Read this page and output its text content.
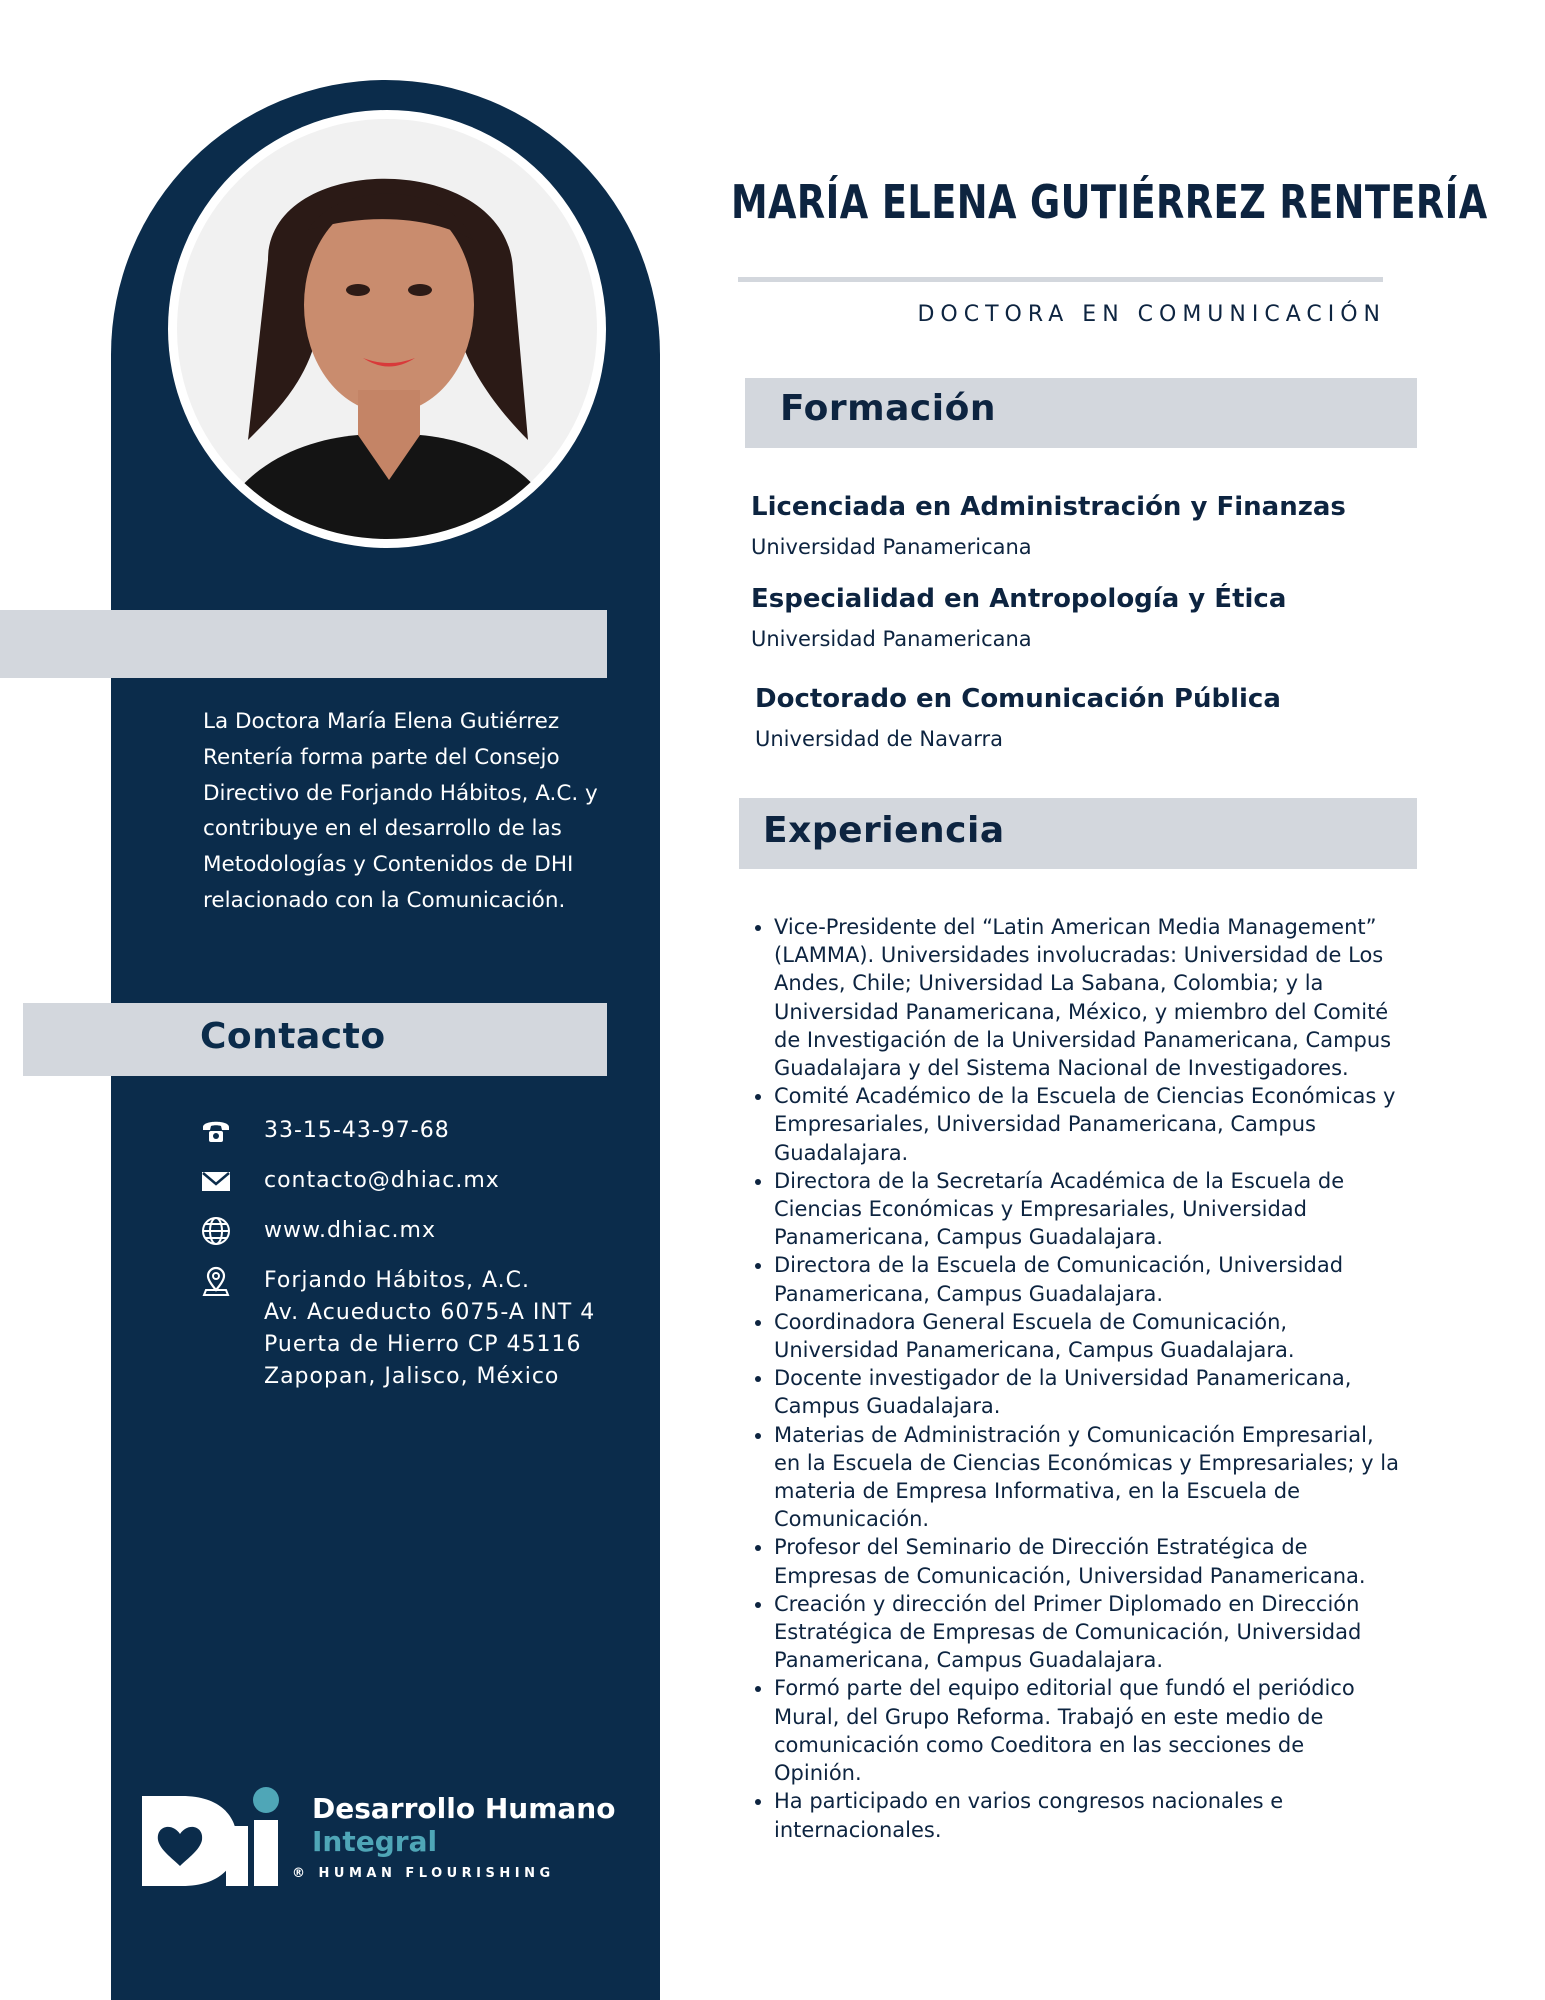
La Doctora María Elena Gutiérrez
Rentería forma parte del Consejo
Directivo de Forjando Hábitos, A.C. y
contribuye en el desarrollo de las
Metodologías y Contenidos de DHI
relacionado con la Comunicación.

Contacto
33-15-43-97-68
contacto@dhiac.mx
www.dhiac.mx
Forjando Hábitos, A.C.
Av. Acueducto 6075-A INT 4
Puerta de Hierro CP 45116
Zapopan, Jalisco, México
Desarrollo Humano
Integral
® HUMAN FLOURISHING
MARÍA ELENA GUTIÉRREZ RENTERÍA

DOCTORA EN COMUNICACIÓN

Formación

Licenciada en Administración y Finanzas

Universidad Panamericana

Especialidad en Antropología y Ética

Universidad Panamericana

Doctorado en Comunicación Pública

Universidad de Navarra

Experiencia
• Vice-Presidente del “Latin American Media Management”
(LAMMA). Universidades involucradas: Universidad de Los
Andes, Chile; Universidad La Sabana, Colombia; y la
Universidad Panamericana, México, y miembro del Comité
de Investigación de la Universidad Panamericana, Campus
Guadalajara y del Sistema Nacional de Investigadores.
• Comité Académico de la Escuela de Ciencias Económicas y
Empresariales, Universidad Panamericana, Campus
Guadalajara.
• Directora de la Secretaría Académica de la Escuela de
Ciencias Económicas y Empresariales, Universidad
Panamericana, Campus Guadalajara.
• Directora de la Escuela de Comunicación, Universidad
Panamericana, Campus Guadalajara.
• Coordinadora General Escuela de Comunicación,
Universidad Panamericana, Campus Guadalajara.
• Docente investigador de la Universidad Panamericana,
Campus Guadalajara.
• Materias de Administración y Comunicación Empresarial,
en la Escuela de Ciencias Económicas y Empresariales; y la
materia de Empresa Informativa, en la Escuela de
Comunicación.
• Profesor del Seminario de Dirección Estratégica de
Empresas de Comunicación, Universidad Panamericana.
• Creación y dirección del Primer Diplomado en Dirección
Estratégica de Empresas de Comunicación, Universidad
Panamericana, Campus Guadalajara.
• Formó parte del equipo editorial que fundó el periódico
Mural, del Grupo Reforma. Trabajó en este medio de
comunicación como Coeditora en las secciones de
Opinión.
• Ha participado en varios congresos nacionales e
internacionales.
